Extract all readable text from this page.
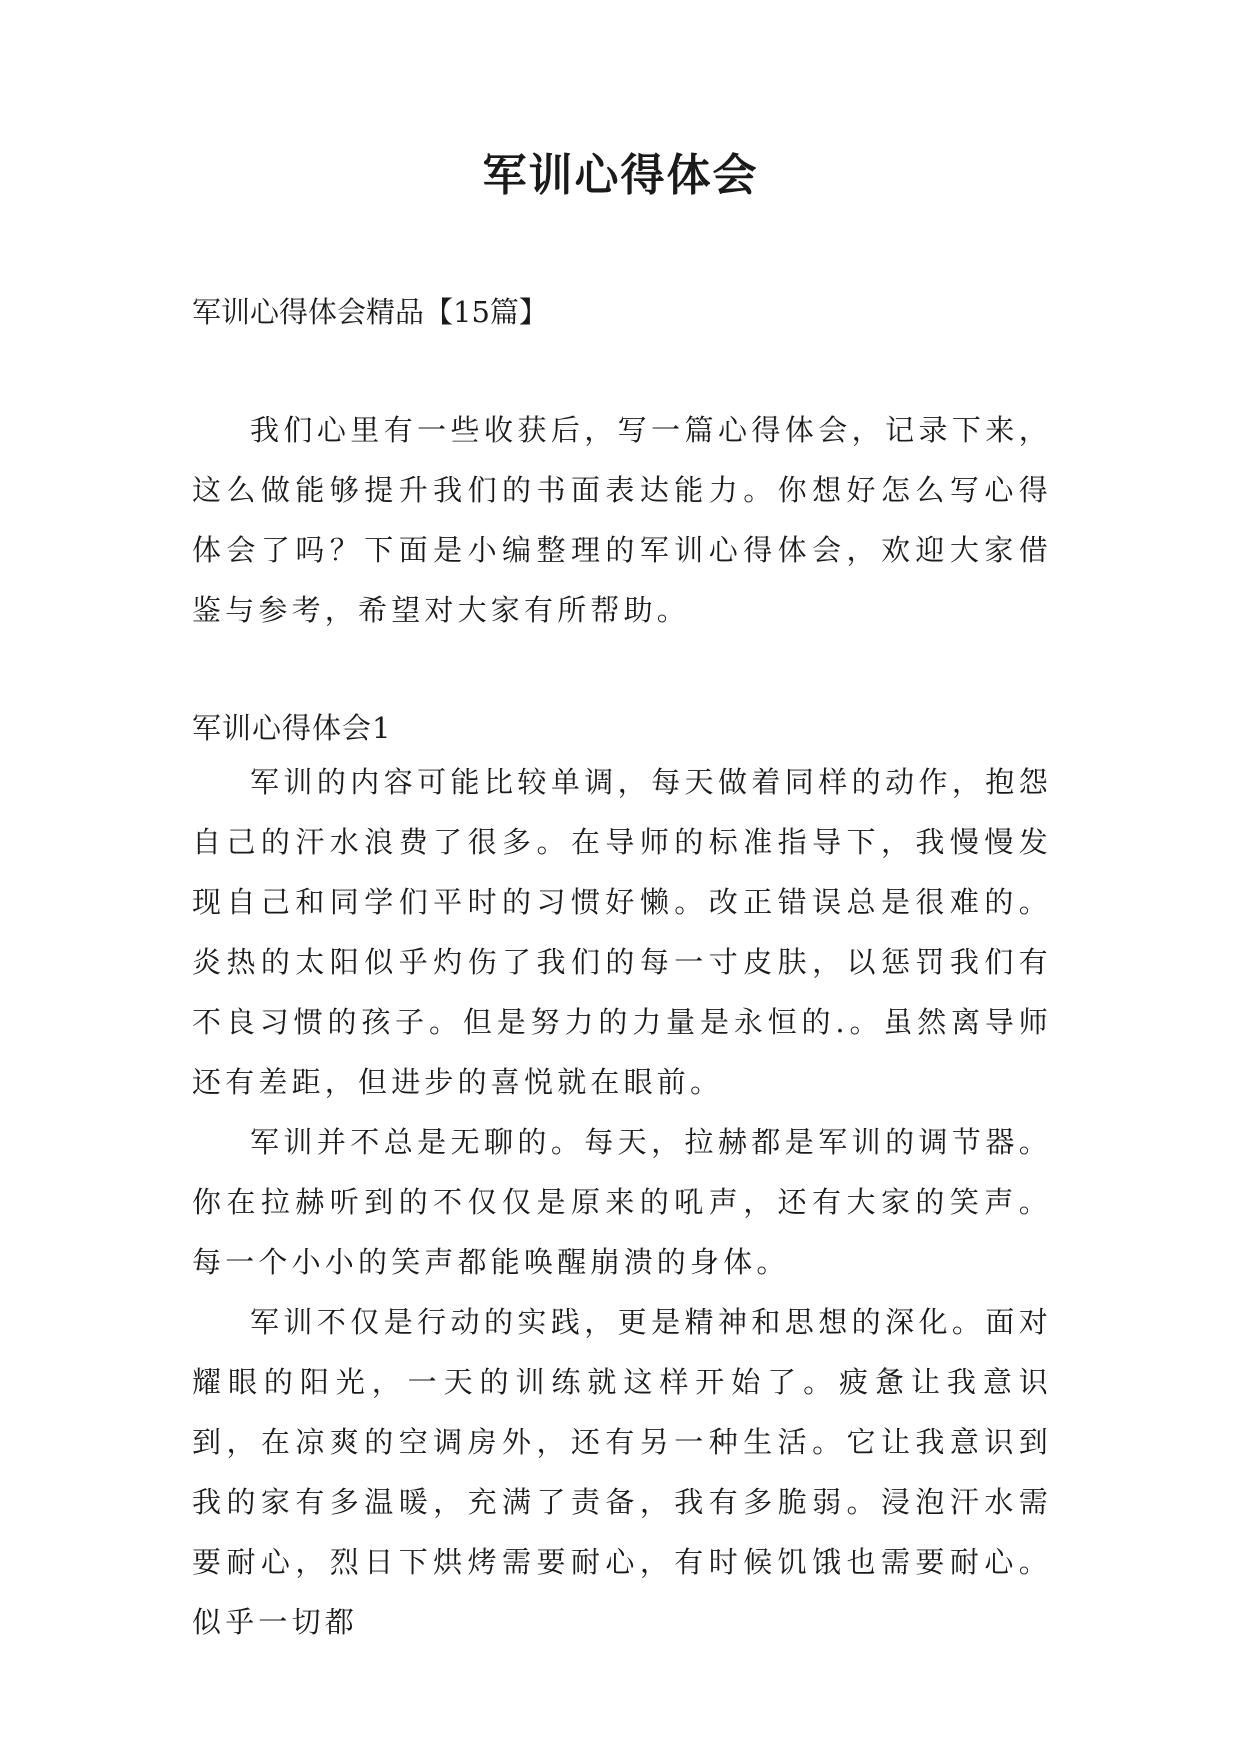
军训心得体会
军训心得体会精品【15篇】

我们心里有一些收获后，写一篇心得体会，记录下来，这么做能够提升我们的书面表达能力。你想好怎么写心得体会了吗？下面是小编整理的军训心得体会，欢迎大家借鉴与参考，希望对大家有所帮助。

军训心得体会1

军训的内容可能比较单调，每天做着同样的动作，抱怨自己的汗水浪费了很多。在导师的标准指导下，我慢慢发现自己和同学们平时的习惯好懒。改正错误总是很难的。炎热的太阳似乎灼伤了我们的每一寸皮肤，以惩罚我们有不良习惯的孩子。但是努力的力量是永恒的.。虽然离导师还有差距，但进步的喜悦就在眼前。

军训并不总是无聊的。每天，拉赫都是军训的调节器。你在拉赫听到的不仅仅是原来的吼声，还有大家的笑声。每一个小小的笑声都能唤醒崩溃的身体。

军训不仅是行动的实践，更是精神和思想的深化。面对耀眼的阳光，一天的训练就这样开始了。疲惫让我意识到，在凉爽的空调房外，还有另一种生活。它让我意识到我的家有多温暖，充满了责备，我有多脆弱。浸泡汗水需要耐心，烈日下烘烤需要耐心，有时候饥饿也需要耐心。似乎一切都
